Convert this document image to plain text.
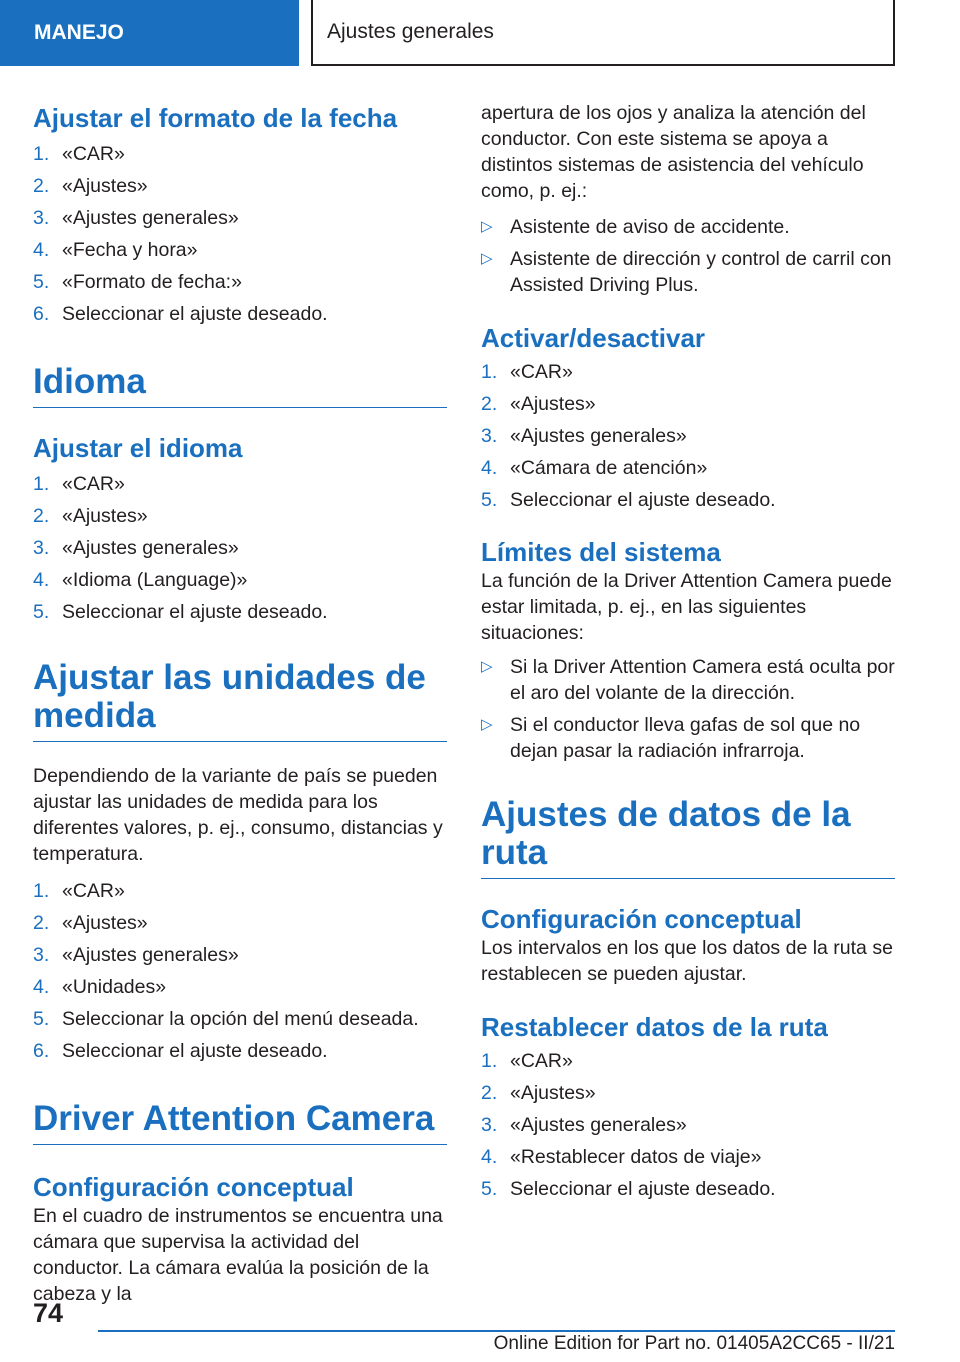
MANEJO	Ajustes generales
Ajustar el formato de la fecha
1. «CAR»
2. «Ajustes»
3. «Ajustes generales»
4. «Fecha y hora»
5. «Formato de fecha:»
6. Seleccionar el ajuste deseado.
Idioma
Ajustar el idioma
1. «CAR»
2. «Ajustes»
3. «Ajustes generales»
4. «Idioma (Language)»
5. Seleccionar el ajuste deseado.
Ajustar las unidades de medida

Dependiendo de la variante de país se pueden ajustar las unidades de medida para los diferentes valores, p. ej., consumo, distancias y temperatura.

1. «CAR»
2. «Ajustes»
3. «Ajustes generales»
4. «Unidades»
5. Seleccionar la opción del menú deseada.
6. Seleccionar el ajuste deseado.
Driver Attention Camera
Configuración conceptual

En el cuadro de instrumentos se encuentra una cámara que supervisa la actividad del conductor. La cámara evalúa la posición de la cabeza y la

apertura de los ojos y analiza la atención del conductor. Con este sistema se apoya a distintos sistemas de asistencia del vehículo como, p. ej.:

▷ Asistente de aviso de accidente.
▷ Asistente de dirección y control de carril con Assisted Driving Plus.
Activar/desactivar
1. «CAR»
2. «Ajustes»
3. «Ajustes generales»
4. «Cámara de atención»
5. Seleccionar el ajuste deseado.
Límites del sistema

La función de la Driver Attention Camera puede estar limitada, p. ej., en las siguientes situaciones:

▷ Si la Driver Attention Camera está oculta por el aro del volante de la dirección.
▷ Si el conductor lleva gafas de sol que no dejan pasar la radiación infrarroja.
Ajustes de datos de la ruta
Configuración conceptual

Los intervalos en los que los datos de la ruta se restablecen se pueden ajustar.

Restablecer datos de la ruta
1. «CAR»
2. «Ajustes»
3. «Ajustes generales»
4. «Restablecer datos de viaje»
5. Seleccionar el ajuste deseado.
74
Online Edition for Part no. 01405A2CC65 - II/21
